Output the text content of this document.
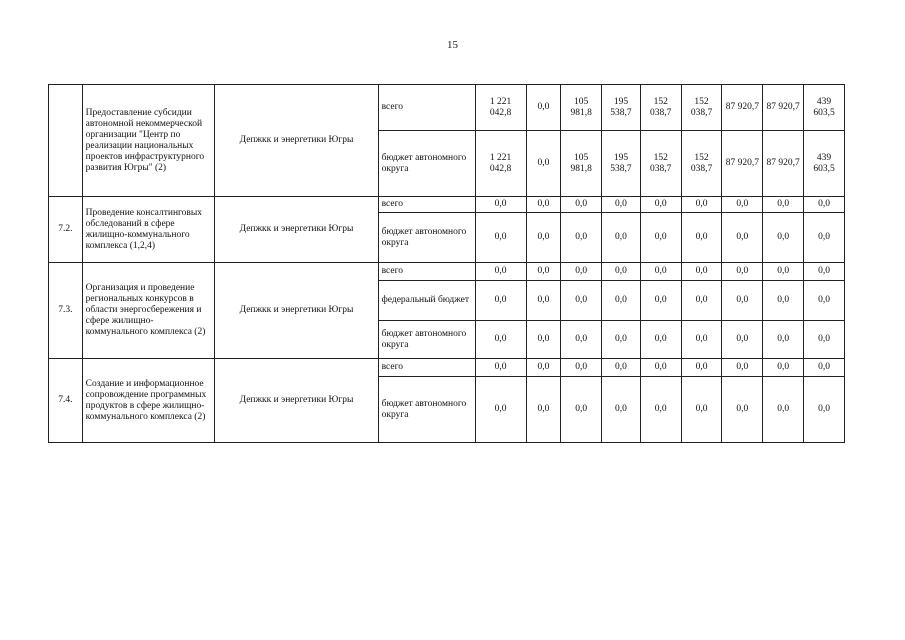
15
	Предоставление субсидии автономной некоммерческой организации "Центр по реализации национальных проектов инфраструктурного развития Югры" (2)	Депжкк и энергетики Югры	всего	1 221 042,8	0,0	105 981,8	195 538,7	152 038,7	152 038,7	87 920,7	87 920,7	439 603,5
			бюджет автономного округа	1 221 042,8	0,0	105 981,8	195 538,7	152 038,7	152 038,7	87 920,7	87 920,7	439 603,5
7.2.	Проведение консалтинговых обследований в сфере жилищно-коммунального комплекса (1,2,4)	Депжкк и энергетики Югры	всего	0,0	0,0	0,0	0,0	0,0	0,0	0,0	0,0	0,0
			бюджет автономного округа	0,0	0,0	0,0	0,0	0,0	0,0	0,0	0,0	0,0
7.3.	Организация и проведение региональных конкурсов в области энергосбережения и сфере жилищно-коммунального комплекса (2)	Депжкк и энергетики Югры	всего	0,0	0,0	0,0	0,0	0,0	0,0	0,0	0,0	0,0
			федеральный бюджет	0,0	0,0	0,0	0,0	0,0	0,0	0,0	0,0	0,0
			бюджет автономного округа	0,0	0,0	0,0	0,0	0,0	0,0	0,0	0,0	0,0
7.4.	Создание и информационное сопровождение программных продуктов в сфере жилищно-коммунального комплекса (2)	Депжкк и энергетики Югры	всего	0,0	0,0	0,0	0,0	0,0	0,0	0,0	0,0	0,0
			бюджет автономного округа	0,0	0,0	0,0	0,0	0,0	0,0	0,0	0,0	0,0
